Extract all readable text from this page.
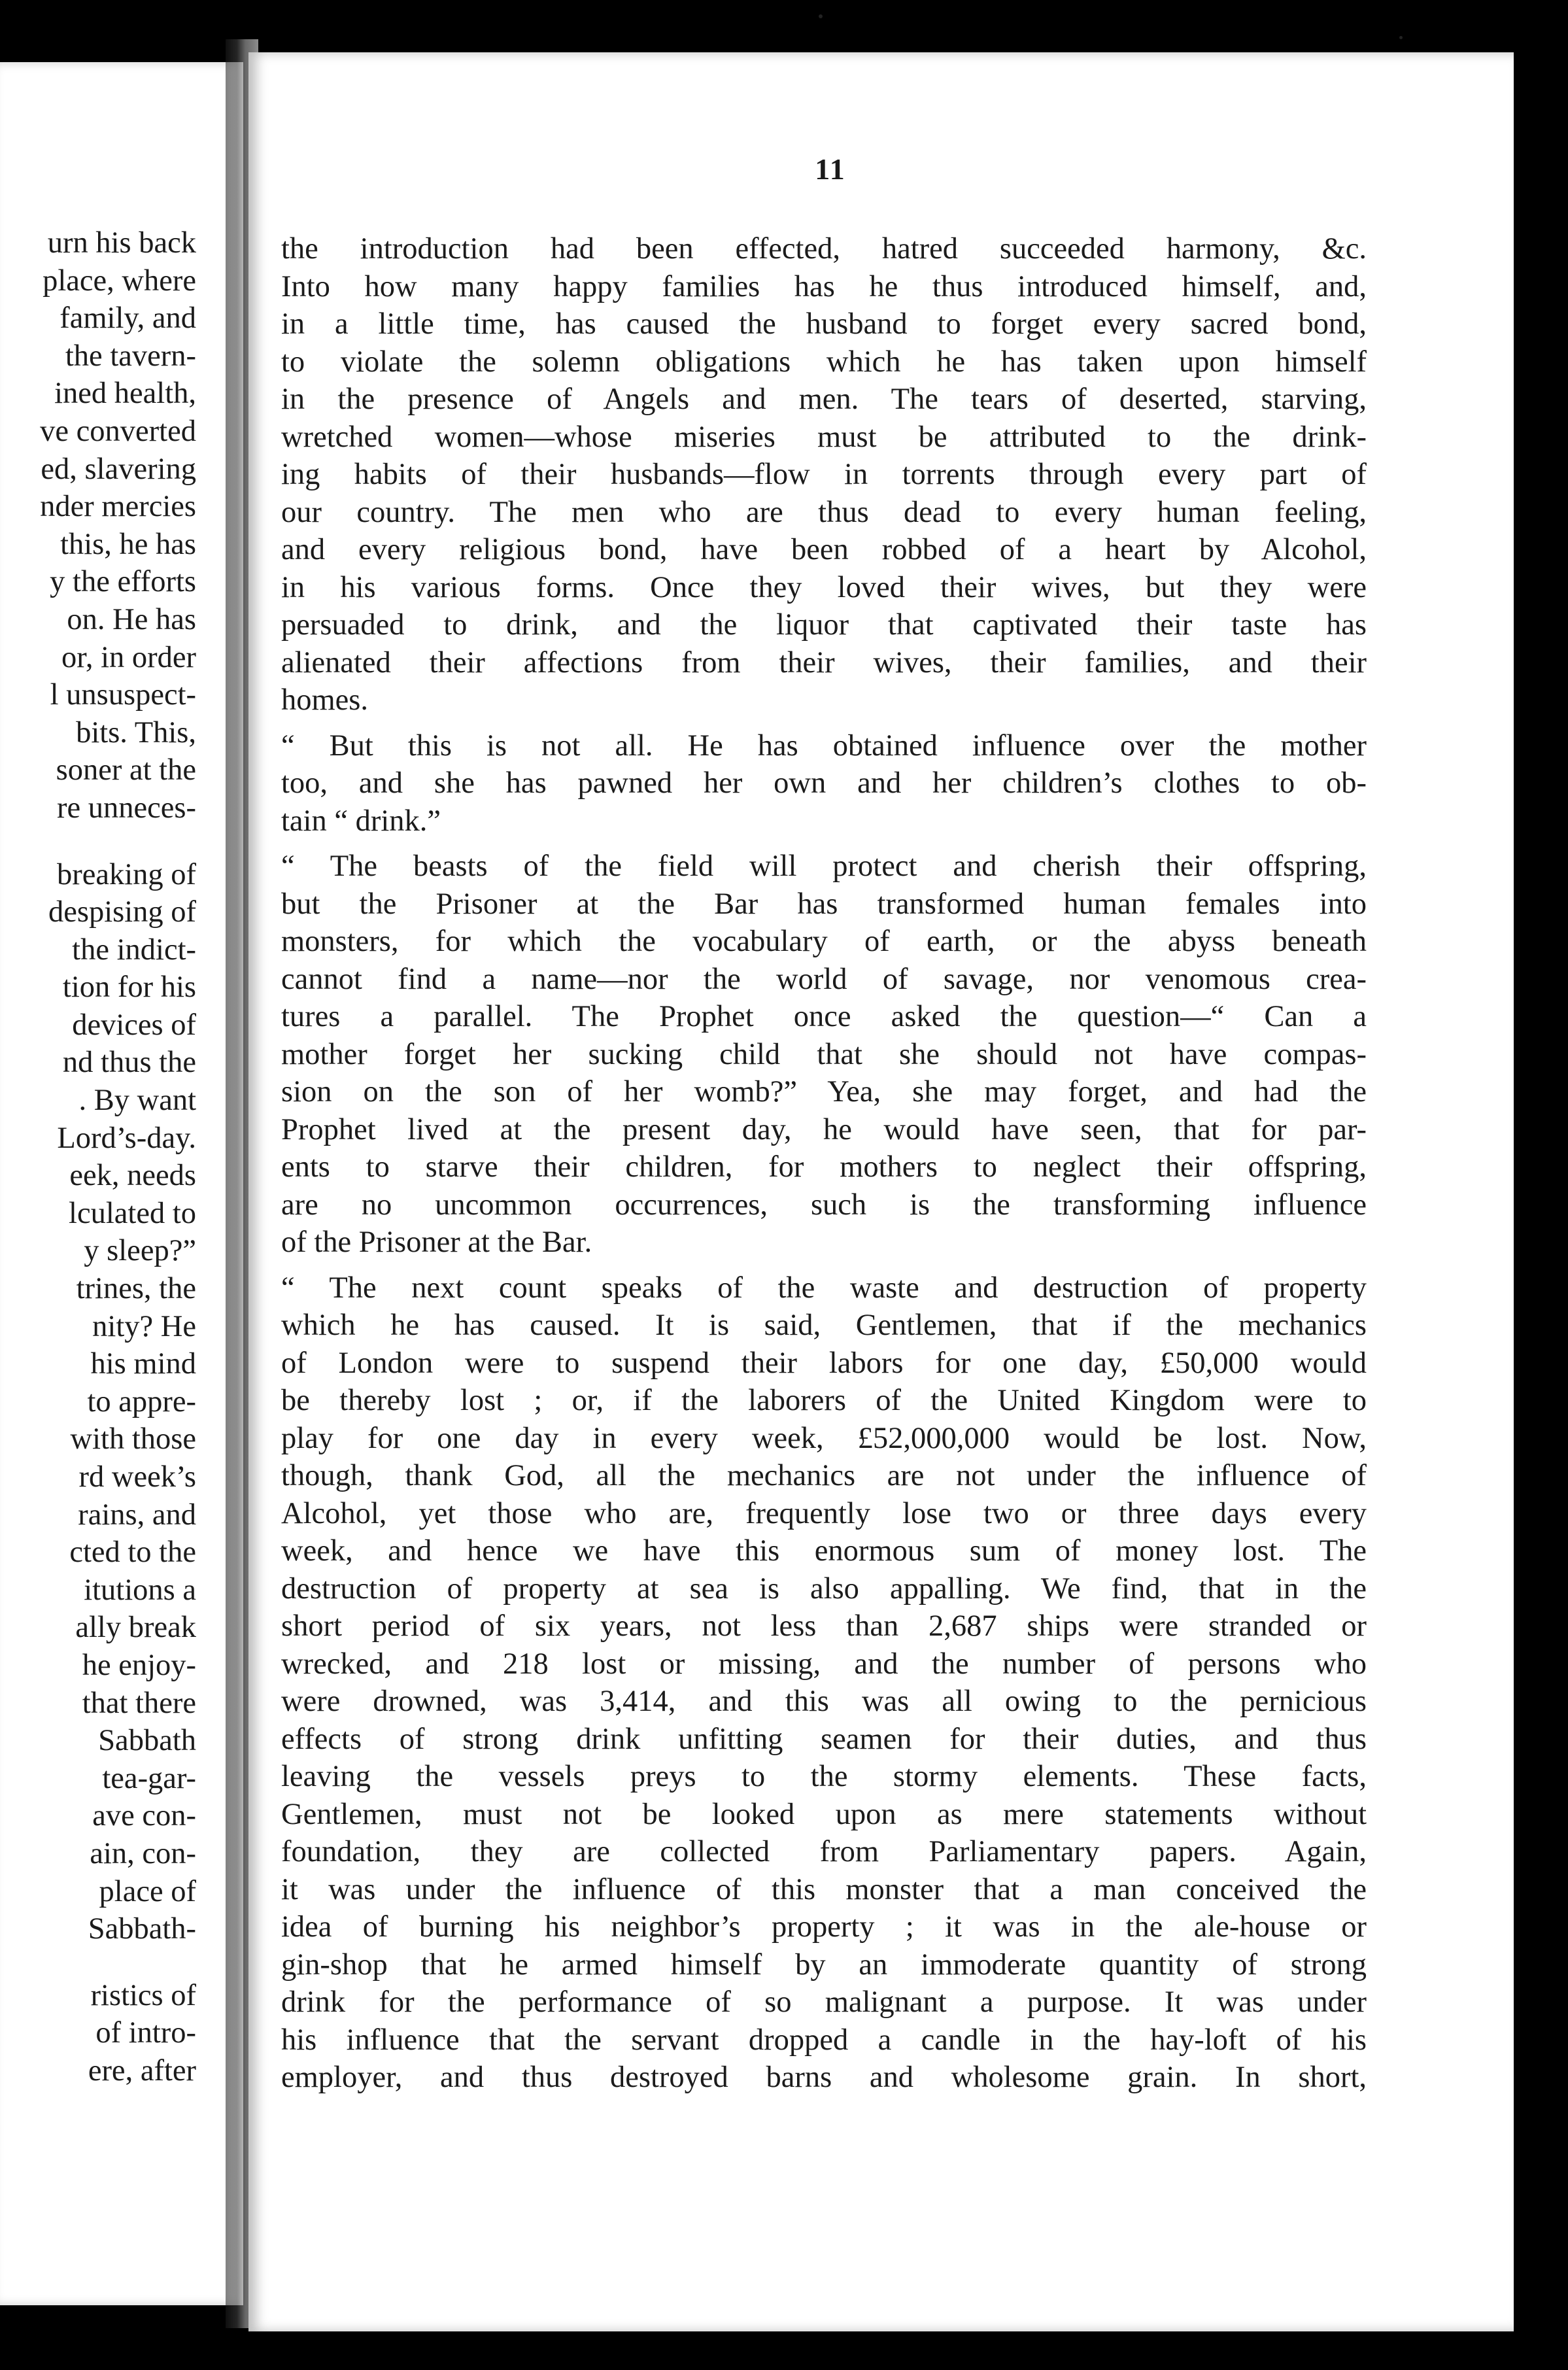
urn his back
place, where
family, and
the tavern-
ined health,
ve converted
ed, slavering
nder mercies
this, he has
y the efforts
on. He has
or, in order
l unsuspect-
bits. This,
soner at the
re unneces-
breaking of
despising of
the indict-
tion for his
devices of
nd thus the
. By want
Lord’s-day.
eek, needs
lculated to
y sleep?”
trines, the
nity? He
his mind
to appre-
with those
rd week’s
rains, and
cted to the
itutions a
ally break
he enjoy-
that there
Sabbath
tea-gar-
ave con-
ain, con-
place of
Sabbath-
ristics of
of intro-
ere, after
11
the introduction had been effected, hatred succeeded harmony, &c.
Into how many happy families has he thus introduced himself, and,
in a little time, has caused the husband to forget every sacred bond,
to violate the solemn obligations which he has taken upon himself
in the presence of Angels and men. The tears of deserted, starving,
wretched women—whose miseries must be attributed to the drink-
ing habits of their husbands—flow in torrents through every part of
our country. The men who are thus dead to every human feeling,
and every religious bond, have been robbed of a heart by Alcohol,
in his various forms. Once they loved their wives, but they were
persuaded to drink, and the liquor that captivated their taste has
alienated their affections from their wives, their families, and their
homes.
“ But this is not all. He has obtained influence over the mother
too, and she has pawned her own and her children’s clothes to ob-
tain “ drink.”
“ The beasts of the field will protect and cherish their offspring,
but the Prisoner at the Bar has transformed human females into
monsters, for which the vocabulary of earth, or the abyss beneath
cannot find a name—nor the world of savage, nor venomous crea-
tures a parallel. The Prophet once asked the question—“ Can a
mother forget her sucking child that she should not have compas-
sion on the son of her womb?” Yea, she may forget, and had the
Prophet lived at the present day, he would have seen, that for par-
ents to starve their children, for mothers to neglect their offspring,
are no uncommon occurrences, such is the transforming influence
of the Prisoner at the Bar.
“ The next count speaks of the waste and destruction of property
which he has caused. It is said, Gentlemen, that if the mechanics
of London were to suspend their labors for one day, £50,000 would
be thereby lost ; or, if the laborers of the United Kingdom were to
play for one day in every week, £52,000,000 would be lost. Now,
though, thank God, all the mechanics are not under the influence of
Alcohol, yet those who are, frequently lose two or three days every
week, and hence we have this enormous sum of money lost. The
destruction of property at sea is also appalling. We find, that in the
short period of six years, not less than 2,687 ships were stranded or
wrecked, and 218 lost or missing, and the number of persons who
were drowned, was 3,414, and this was all owing to the pernicious
effects of strong drink unfitting seamen for their duties, and thus
leaving the vessels preys to the stormy elements. These facts,
Gentlemen, must not be looked upon as mere statements without
foundation, they are collected from Parliamentary papers. Again,
it was under the influence of this monster that a man conceived the
idea of burning his neighbor’s property ; it was in the ale-house or
gin-shop that he armed himself by an immoderate quantity of strong
drink for the performance of so malignant a purpose. It was under
his influence that the servant dropped a candle in the hay-loft of his
employer, and thus destroyed barns and wholesome grain. In short,
